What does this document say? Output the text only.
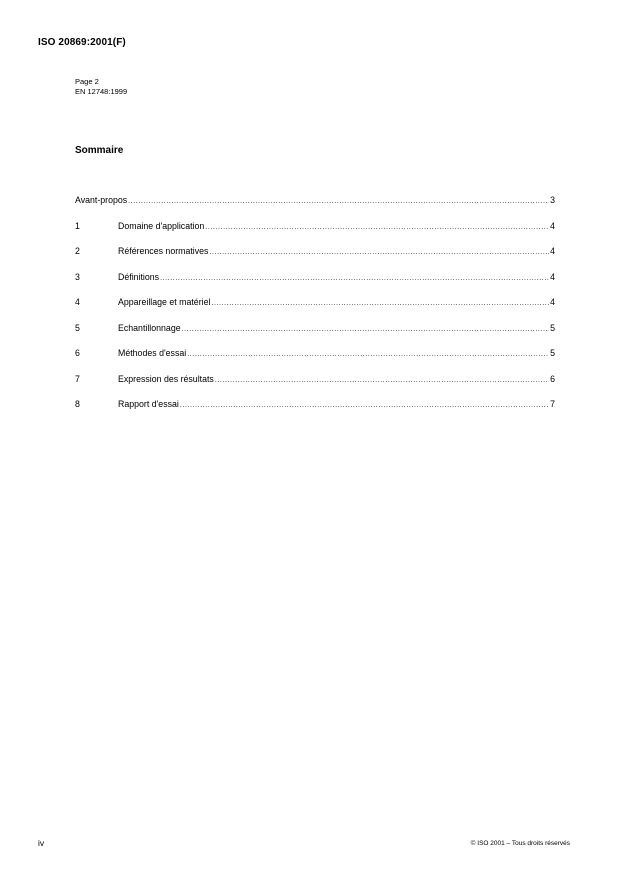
ISO 20869:2001(F)
Page 2
EN 12748:1999
Sommaire
Avant-propos .....	3
1	Domaine d'application .....	4
2	Références normatives .....	4
3	Définitions .....	4
4	Appareillage et matériel .....	4
5	Echantillonnage .....	5
6	Méthodes d'essai .....	5
7	Expression des résultats .....	6
8	Rapport d'essai .....	7
iv	© ISO 2001 – Tous droits réservés
